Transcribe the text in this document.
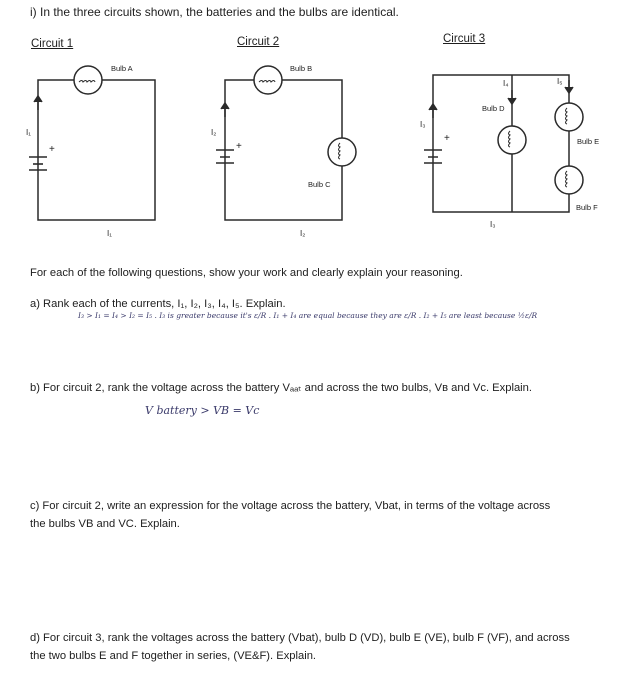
i) In the three circuits shown, the batteries and the bulbs are identical.
Circuit 1	Circuit 2	Circuit 3
Bulb A
I₁
I₁
+
Bulb B
Bulb C
I₂
I₂
+
Bulb D
Bulb E
Bulb F
I₃
I₄	I₅
I₃
+
For each of the following questions, show your work and clearly explain your reasoning.
a) Rank each of the currents, I₁, I₂, I₃, I₄, I₅. Explain.
I₃ > I₁ = I₄ > I₂ = I₅ . I₃ is greater because it's ε/R . I₁ + I₄ are equal because they are ε/R . I₂ + I₅ are least because ½ε/R
b) For circuit 2, rank the voltage across the battery Vₐₐₜ and across the two bulbs, Vʙ and Vᴄ. Explain.
V battery > VB = Vc
c) For circuit 2, write an expression for the voltage across the battery, Vbat, in terms of the voltage across
the bulbs VB and VC. Explain.
d) For circuit 3, rank the voltages across the battery (Vbat), bulb D (VD), bulb E (VE), bulb F (VF), and across
the two bulbs E and F together in series, (VE&F). Explain.
